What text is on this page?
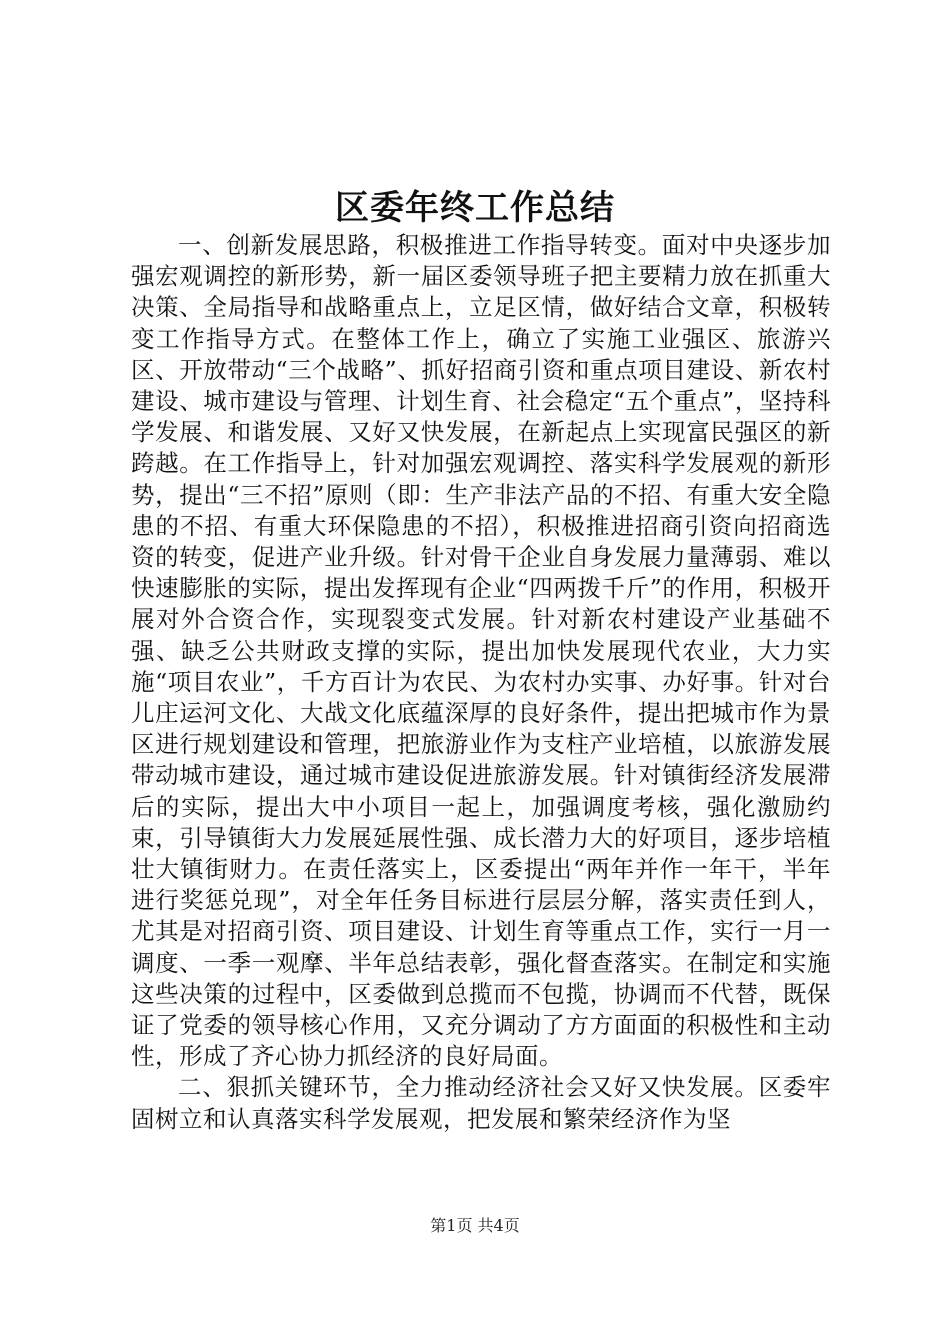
区委年终工作总结

一、创新发展思路，积极推进工作指导转变。面对中央逐步加强宏观调控的新形势，新一届区委领导班子把主要精力放在抓重大决策、全局指导和战略重点上，立足区情，做好结合文章，积极转变工作指导方式。在整体工作上，确立了实施工业强区、旅游兴区、开放带动“三个战略”、抓好招商引资和重点项目建设、新农村建设、城市建设与管理、计划生育、社会稳定“五个重点”，坚持科学发展、和谐发展、又好又快发展，在新起点上实现富民强区的新跨越。在工作指导上，针对加强宏观调控、落实科学发展观的新形势，提出“三不招”原则（即：生产非法产品的不招、有重大安全隐患的不招、有重大环保隐患的不招），积极推进招商引资向招商选资的转变，促进产业升级。针对骨干企业自身发展力量薄弱、难以快速膨胀的实际，提出发挥现有企业“四两拨千斤”的作用，积极开展对外合资合作，实现裂变式发展。针对新农村建设产业基础不强、缺乏公共财政支撑的实际，提出加快发展现代农业，大力实施“项目农业”，千方百计为农民、为农村办实事、办好事。针对台儿庄运河文化、大战文化底蕴深厚的良好条件，提出把城市作为景区进行规划建设和管理，把旅游业作为支柱产业培植，以旅游发展带动城市建设，通过城市建设促进旅游发展。针对镇街经济发展滞后的实际，提出大中小项目一起上，加强调度考核，强化激励约束，引导镇街大力发展延展性强、成长潜力大的好项目，逐步培植壮大镇街财力。在责任落实上，区委提出“两年并作一年干，半年进行奖惩兑现”，对全年任务目标进行层层分解，落实责任到人，尤其是对招商引资、项目建设、计划生育等重点工作，实行一月一调度、一季一观摩、半年总结表彰，强化督查落实。在制定和实施这些决策的过程中，区委做到总揽而不包揽，协调而不代替，既保证了党委的领导核心作用，又充分调动了方方面面的积极性和主动性，形成了齐心协力抓经济的良好局面。

二、狠抓关键环节，全力推动经济社会又好又快发展。区委牢固树立和认真落实科学发展观，把发展和繁荣经济作为坚

第1页 共4页
